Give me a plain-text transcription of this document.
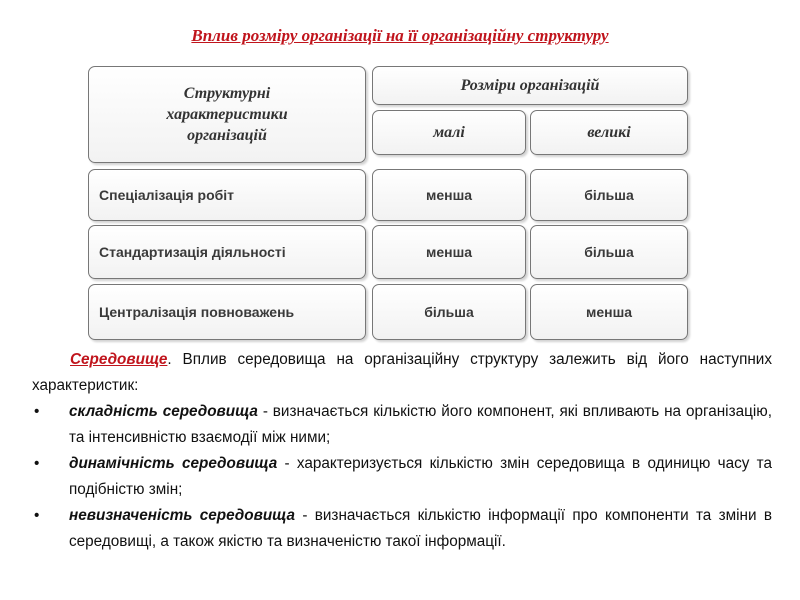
Вплив розміру організації на її організаційну структуру
Структурні
характеристики
організацій
Розміри організацій
малі	великі
Спеціалізація робіт	менша	більша
Стандартизація діяльності	менша	більша
Централізація повноважень	більша	менша

Середовище. Вплив середовища на організаційну структуру залежить від його наступних характеристик:

• складність середовища - визначається кількістю його компонент, які впливають на організацію, та інтенсивністю взаємодії між ними;
• динамічність середовища - характеризується кількістю змін середовища в одиницю часу та подібністю змін;
• невизначеність середовища - визначається кількістю інформації про компоненти та зміни в середовищі, а також якістю та визначеністю такої інформації.
